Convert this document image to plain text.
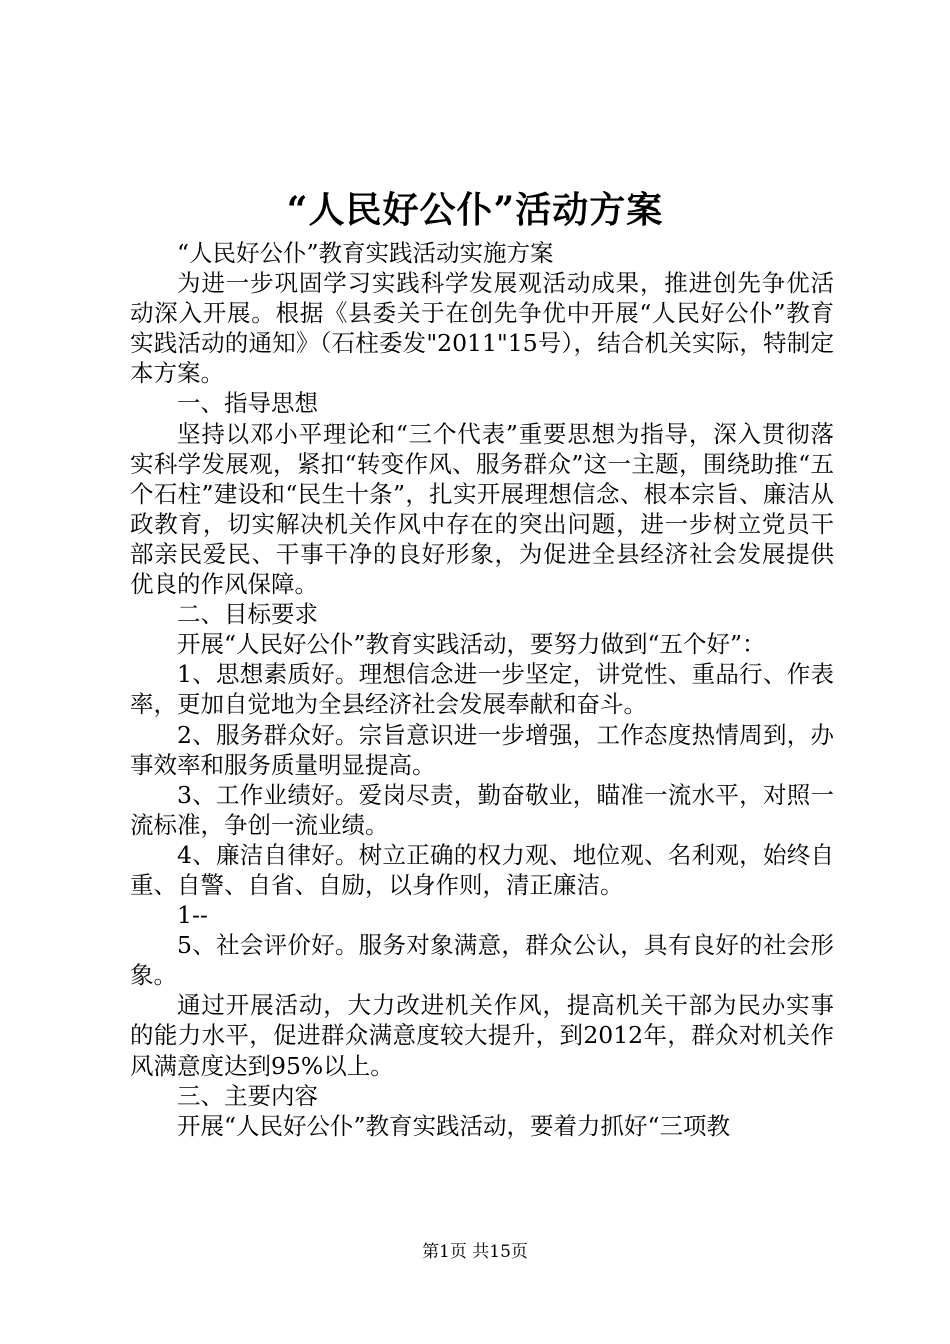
“人民好公仆”活动方案

“人民好公仆”教育实践活动实施方案

为进一步巩固学习实践科学发展观活动成果，推进创先争优活动深入开展。根据《县委关于在创先争优中开展“人民好公仆”教育实践活动的通知》（石柱委发"2011"15号），结合机关实际，特制定本方案。

一、指导思想

坚持以邓小平理论和“三个代表”重要思想为指导，深入贯彻落实科学发展观，紧扣“转变作风、服务群众”这一主题，围绕助推“五个石柱”建设和“民生十条”，扎实开展理想信念、根本宗旨、廉洁从政教育，切实解决机关作风中存在的突出问题，进一步树立党员干部亲民爱民、干事干净的良好形象，为促进全县经济社会发展提供优良的作风保障。

二、目标要求

开展“人民好公仆”教育实践活动，要努力做到“五个好”：

1、思想素质好。理想信念进一步坚定，讲党性、重品行、作表率，更加自觉地为全县经济社会发展奉献和奋斗。

2、服务群众好。宗旨意识进一步增强，工作态度热情周到，办事效率和服务质量明显提高。

3、工作业绩好。爱岗尽责，勤奋敬业，瞄准一流水平，对照一流标准，争创一流业绩。

4、廉洁自律好。树立正确的权力观、地位观、名利观，始终自重、自警、自省、自励，以身作则，清正廉洁。

1--

5、社会评价好。服务对象满意，群众公认，具有良好的社会形象。

通过开展活动，大力改进机关作风，提高机关干部为民办实事的能力水平，促进群众满意度较大提升，到2012年，群众对机关作风满意度达到95%以上。

三、主要内容

开展“人民好公仆”教育实践活动，要着力抓好“三项教

第1页 共15页
